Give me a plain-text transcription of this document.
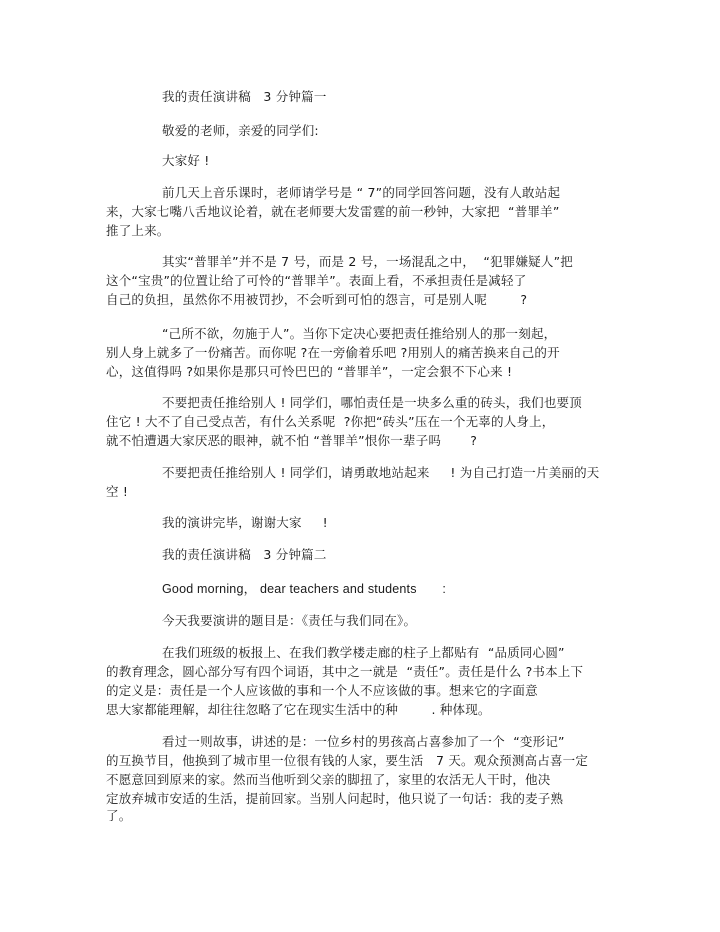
我的责任演讲稿   3 分钟篇一
敬爱的老师，亲爱的同学们:
大家好 !
前几天上音乐课时，老师请学号是 “ 7”的同学回答问题，没有人敢站起
来，大家七嘴八舌地议论着，就在老师要大发雷霆的前一秒钟，大家把  “普罪羊”
推了上来。
其实“普罪羊”并不是 7 号，而是 2 号，一场混乱之中，  “犯罪嫌疑人”把
这个“宝贵”的位置让给了可怜的“普罪羊”。表面上看，不承担责任是减轻了
自己的负担，虽然你不用被罚抄，不会听到可怕的怨言，可是别人呢        ?
“己所不欲，勿施于人”。当你下定决心要把责任推给别人的那一刻起，
别人身上就多了一份痛苦。而你呢 ?在一旁偷着乐吧 ?用别人的痛苦换来自己的开
心，这值得吗 ?如果你是那只可怜巴巴的 “普罪羊”，一定会狠不下心来 !
不要把责任推给别人 ! 同学们，哪怕责任是一块多么重的砖头，我们也要顶
住它 ! 大不了自己受点苦，有什么关系呢  ?你把“砖头”压在一个无辜的人身上，
就不怕遭遇大家厌恶的眼神，就不怕 “普罪羊”恨你一辈子吗       ?
不要把责任推给别人 ! 同学们，请勇敢地站起来     ! 为自己打造一片美丽的天
空 !
我的演讲完毕，谢谢大家     !
我的责任演讲稿   3 分钟篇二
Good morning， dear teachers and students       :
今天我要演讲的题目是：《责任与我们同在》。
在我们班级的板报上、在我们教学楼走廊的柱子上都贴有  “品质同心圆”
的教育理念，圆心部分写有四个词语，其中之一就是  “责任”。责任是什么 ?书本上下
的定义是：责任是一个人应该做的事和一个人不应该做的事。想来它的字面意
思大家都能理解，却往往忽略了它在现实生活中的种        . 种体现。
看过一则故事，讲述的是：一位乡村的男孩高占喜参加了一个  “变形记”
的互换节目，他换到了城市里一位很有钱的人家，要生活   7 天。观众预测高占喜一定
不愿意回到原来的家。然而当他听到父亲的脚扭了，家里的农活无人干时，他决
定放弃城市安适的生活，提前回家。当别人问起时，他只说了一句话：我的麦子熟
了。
